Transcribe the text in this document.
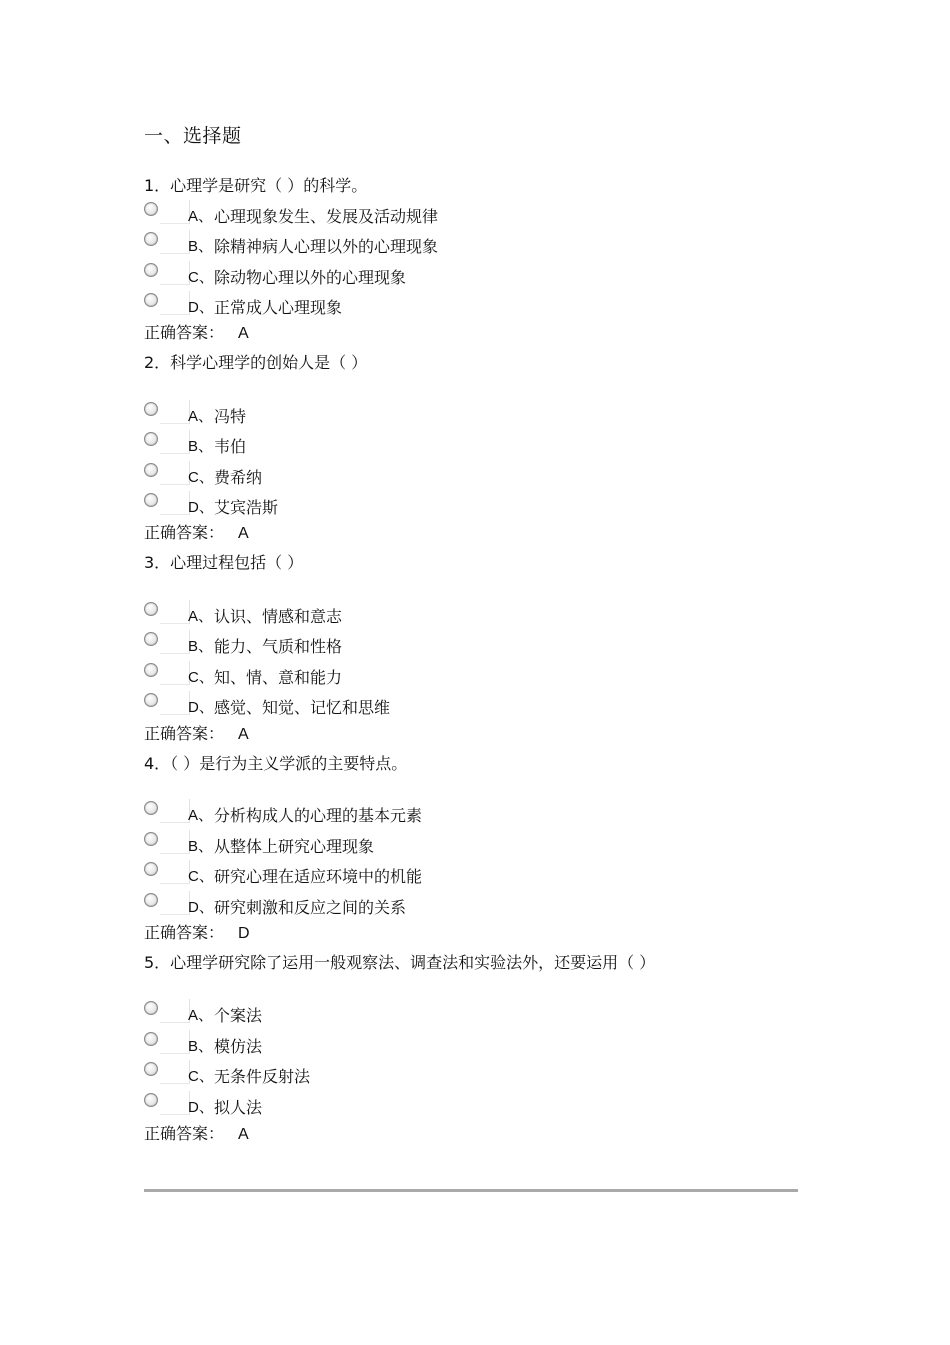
一、选择题
1．心理学是研究（ ）的科学。
A、 心理现象发生、发展及活动规律
B、 除精神病人心理以外的心理现象
C、 除动物心理以外的心理现象
D、 正常成人心理现象
正确答案： A
2．科学心理学的创始人是（ ）
A、 冯特
B、 韦伯
C、 费希纳
D、 艾宾浩斯
正确答案： A
3．心理过程包括（ ）
A、 认识、情感和意志
B、 能力、气质和性格
C、 知、情、意和能力
D、 感觉、知觉、记忆和思维
正确答案： A
4．（ ）是行为主义学派的主要特点。
A、 分析构成人的心理的基本元素
B、 从整体上研究心理现象
C、 研究心理在适应环境中的机能
D、 研究刺激和反应之间的关系
正确答案： D
5．心理学研究除了运用一般观察法、调查法和实验法外，还要运用（ ）
A、 个案法
B、 模仿法
C、 无条件反射法
D、 拟人法
正确答案： A
